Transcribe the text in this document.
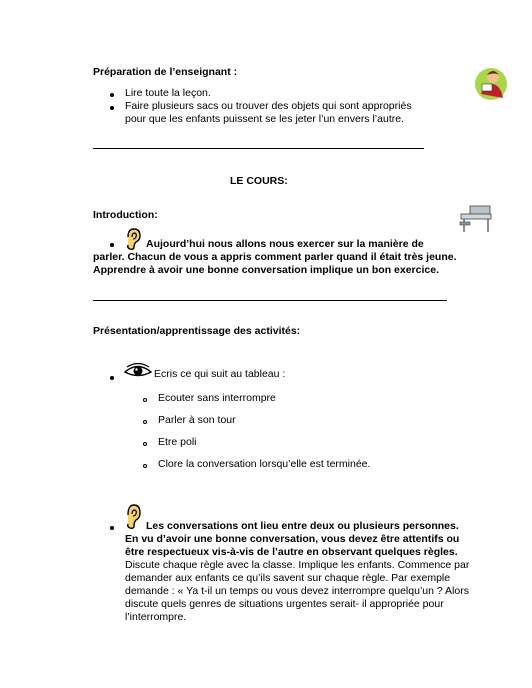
Préparation de l’enseignant :
Lire toute la leçon.
Faire plusieurs sacs ou trouver des objets qui sont appropriés
pour que les enfants puissent se les jeter l’un envers l’autre.
LE COURS:
Introduction:
Aujourd’hui nous allons nous exercer sur la manière de
parler. Chacun de vous a appris comment parler quand il était très jeune.
Apprendre à avoir une bonne conversation implique un bon exercice.
Présentation/apprentissage des activités:
Ecris ce qui suit au tableau :
Ecouter sans interrompre
Parler à son tour
Etre poli
Clore la conversation lorsqu’elle est terminée.
Les conversations ont lieu entre deux ou plusieurs personnes.
En vu d’avoir une bonne conversation, vous devez être attentifs ou
être respectueux vis-à-vis de l’autre en observant quelques règles.
Discute chaque règle avec la classe. Implique les enfants. Commence par
demander aux enfants ce qu’ils savent sur chaque règle. Par exemple
demande : « Ya t-il un temps ou vous devez interrompre quelqu’un ? Alors
discute quels genres de situations urgentes serait- il appropriée pour
l’interrompre.
